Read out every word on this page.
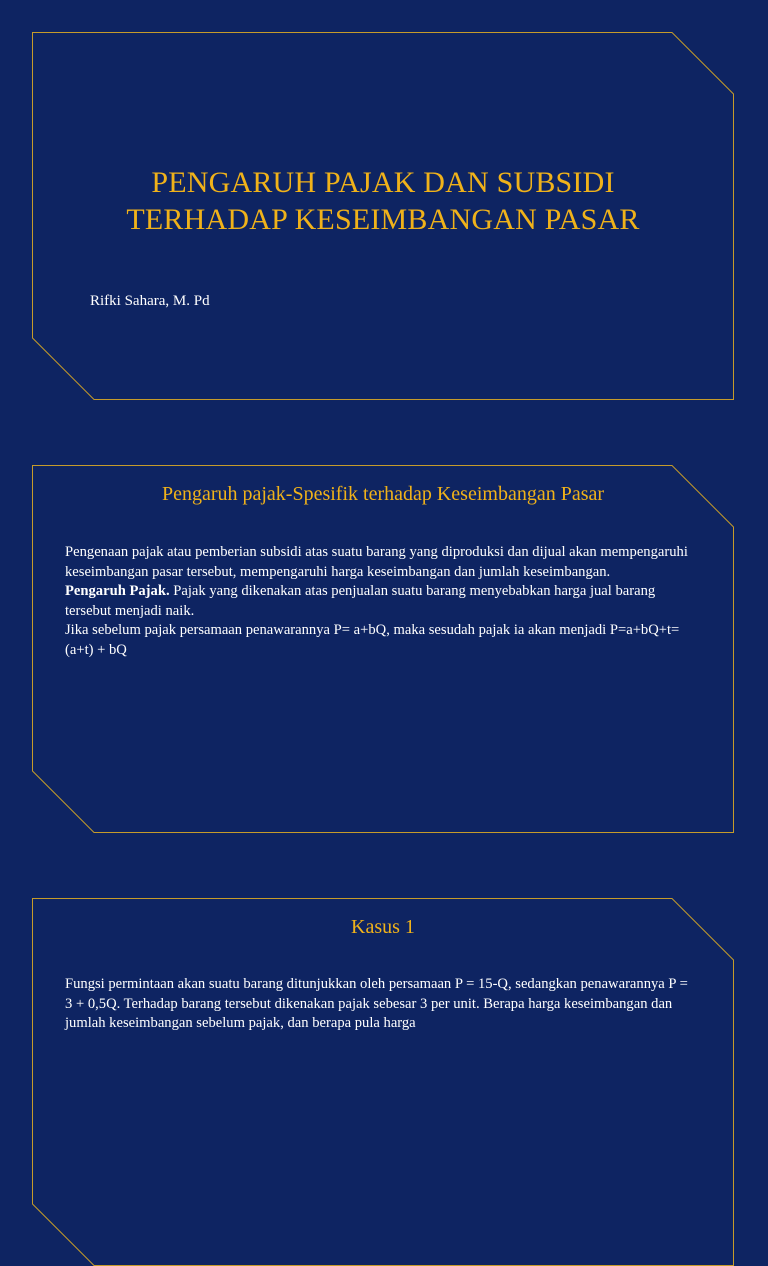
PENGARUH PAJAK DAN SUBSIDI
TERHADAP KESEIMBANGAN PASAR
Rifki Sahara, M. Pd
Pengaruh pajak-Spesifik terhadap Keseimbangan Pasar

Pengenaan pajak atau pemberian subsidi atas suatu barang yang diproduksi dan dijual akan mempengaruhi keseimbangan pasar tersebut, mempengaruhi harga keseimbangan dan jumlah keseimbangan.

Pengaruh Pajak. Pajak yang dikenakan atas penjualan suatu barang menyebabkan harga jual barang tersebut menjadi naik.

Jika sebelum pajak persamaan penawarannya P= a+bQ, maka sesudah pajak ia akan menjadi P=a+bQ+t= (a+t) + bQ

Kasus 1

Fungsi permintaan akan suatu barang ditunjukkan oleh persamaan P = 15-Q, sedangkan penawarannya P = 3 + 0,5Q. Terhadap barang tersebut dikenakan pajak sebesar 3 per unit. Berapa harga keseimbangan dan jumlah keseimbangan sebelum pajak, dan berapa pula harga
